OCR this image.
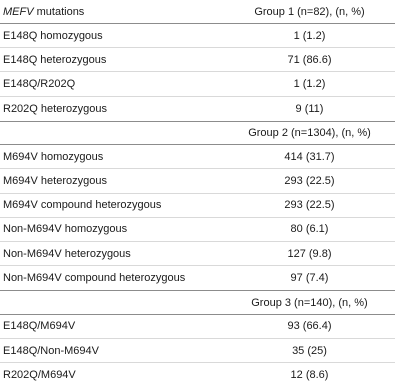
MEFV mutations	Group 1 (n=82), (n, %)
E148Q homozygous	1 (1.2)
E148Q heterozygous	71 (86.6)
E148Q/R202Q	1 (1.2)
R202Q heterozygous	9 (11)
Group 2 (n=1304), (n, %)
M694V homozygous	414 (31.7)
M694V heterozygous	293 (22.5)
M694V compound heterozygous	293 (22.5)
Non-M694V homozygous	80 (6.1)
Non-M694V heterozygous	127 (9.8)
Non-M694V compound heterozygous	97 (7.4)
Group 3 (n=140), (n, %)
E148Q/M694V	93 (66.4)
E148Q/Non-M694V	35 (25)
R202Q/M694V	12 (8.6)
